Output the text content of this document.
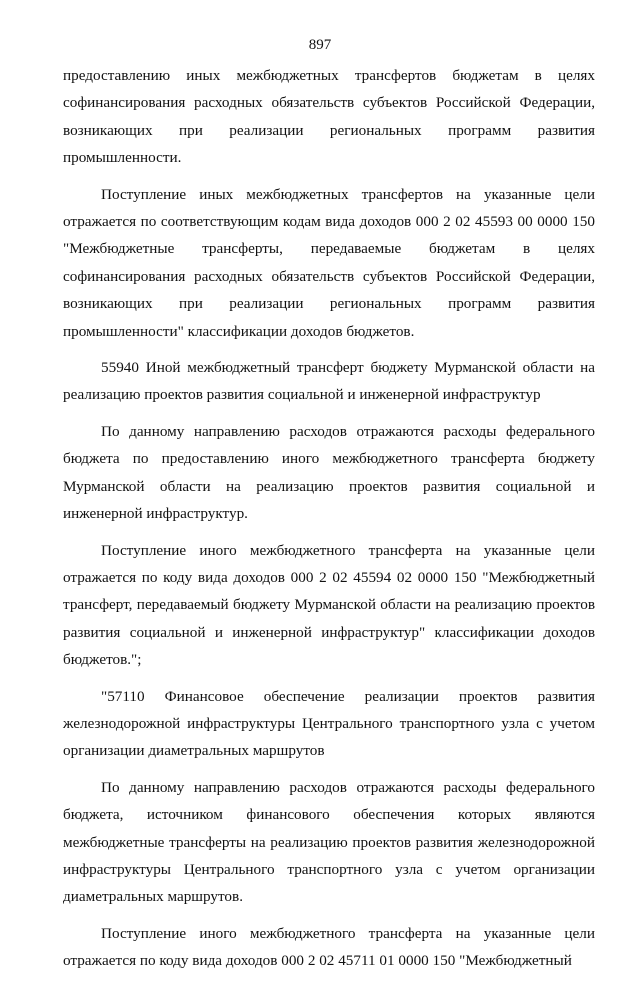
897

предоставлению иных межбюджетных трансфертов бюджетам в целях софинансирования расходных обязательств субъектов Российской Федерации, возникающих при реализации региональных программ развития промышленности.

Поступление иных межбюджетных трансфертов на указанные цели отражается по соответствующим кодам вида доходов 000 2 02 45593 00 0000 150 "Межбюджетные трансферты, передаваемые бюджетам в целях софинансирования расходных обязательств субъектов Российской Федерации, возникающих при реализации региональных программ развития промышленности" классификации доходов бюджетов.

55940 Иной межбюджетный трансферт бюджету Мурманской области на реализацию проектов развития социальной и инженерной инфраструктур

По данному направлению расходов отражаются расходы федерального бюджета по предоставлению иного межбюджетного трансферта бюджету Мурманской области на реализацию проектов развития социальной и инженерной инфраструктур.

Поступление иного межбюджетного трансферта на указанные цели отражается по коду вида доходов 000 2 02 45594 02 0000 150 "Межбюджетный трансферт, передаваемый бюджету Мурманской области на реализацию проектов развития социальной и инженерной инфраструктур" классификации доходов бюджетов.";

"57110 Финансовое обеспечение реализации проектов развития железнодорожной инфраструктуры Центрального транспортного узла с учетом организации диаметральных маршрутов

По данному направлению расходов отражаются расходы федерального бюджета, источником финансового обеспечения которых являются межбюджетные трансферты на реализацию проектов развития железнодорожной инфраструктуры Центрального транспортного узла с учетом организации диаметральных маршрутов.

Поступление иного межбюджетного трансферта на указанные цели отражается по коду вида доходов 000 2 02 45711 01 0000 150 "Межбюджетный
